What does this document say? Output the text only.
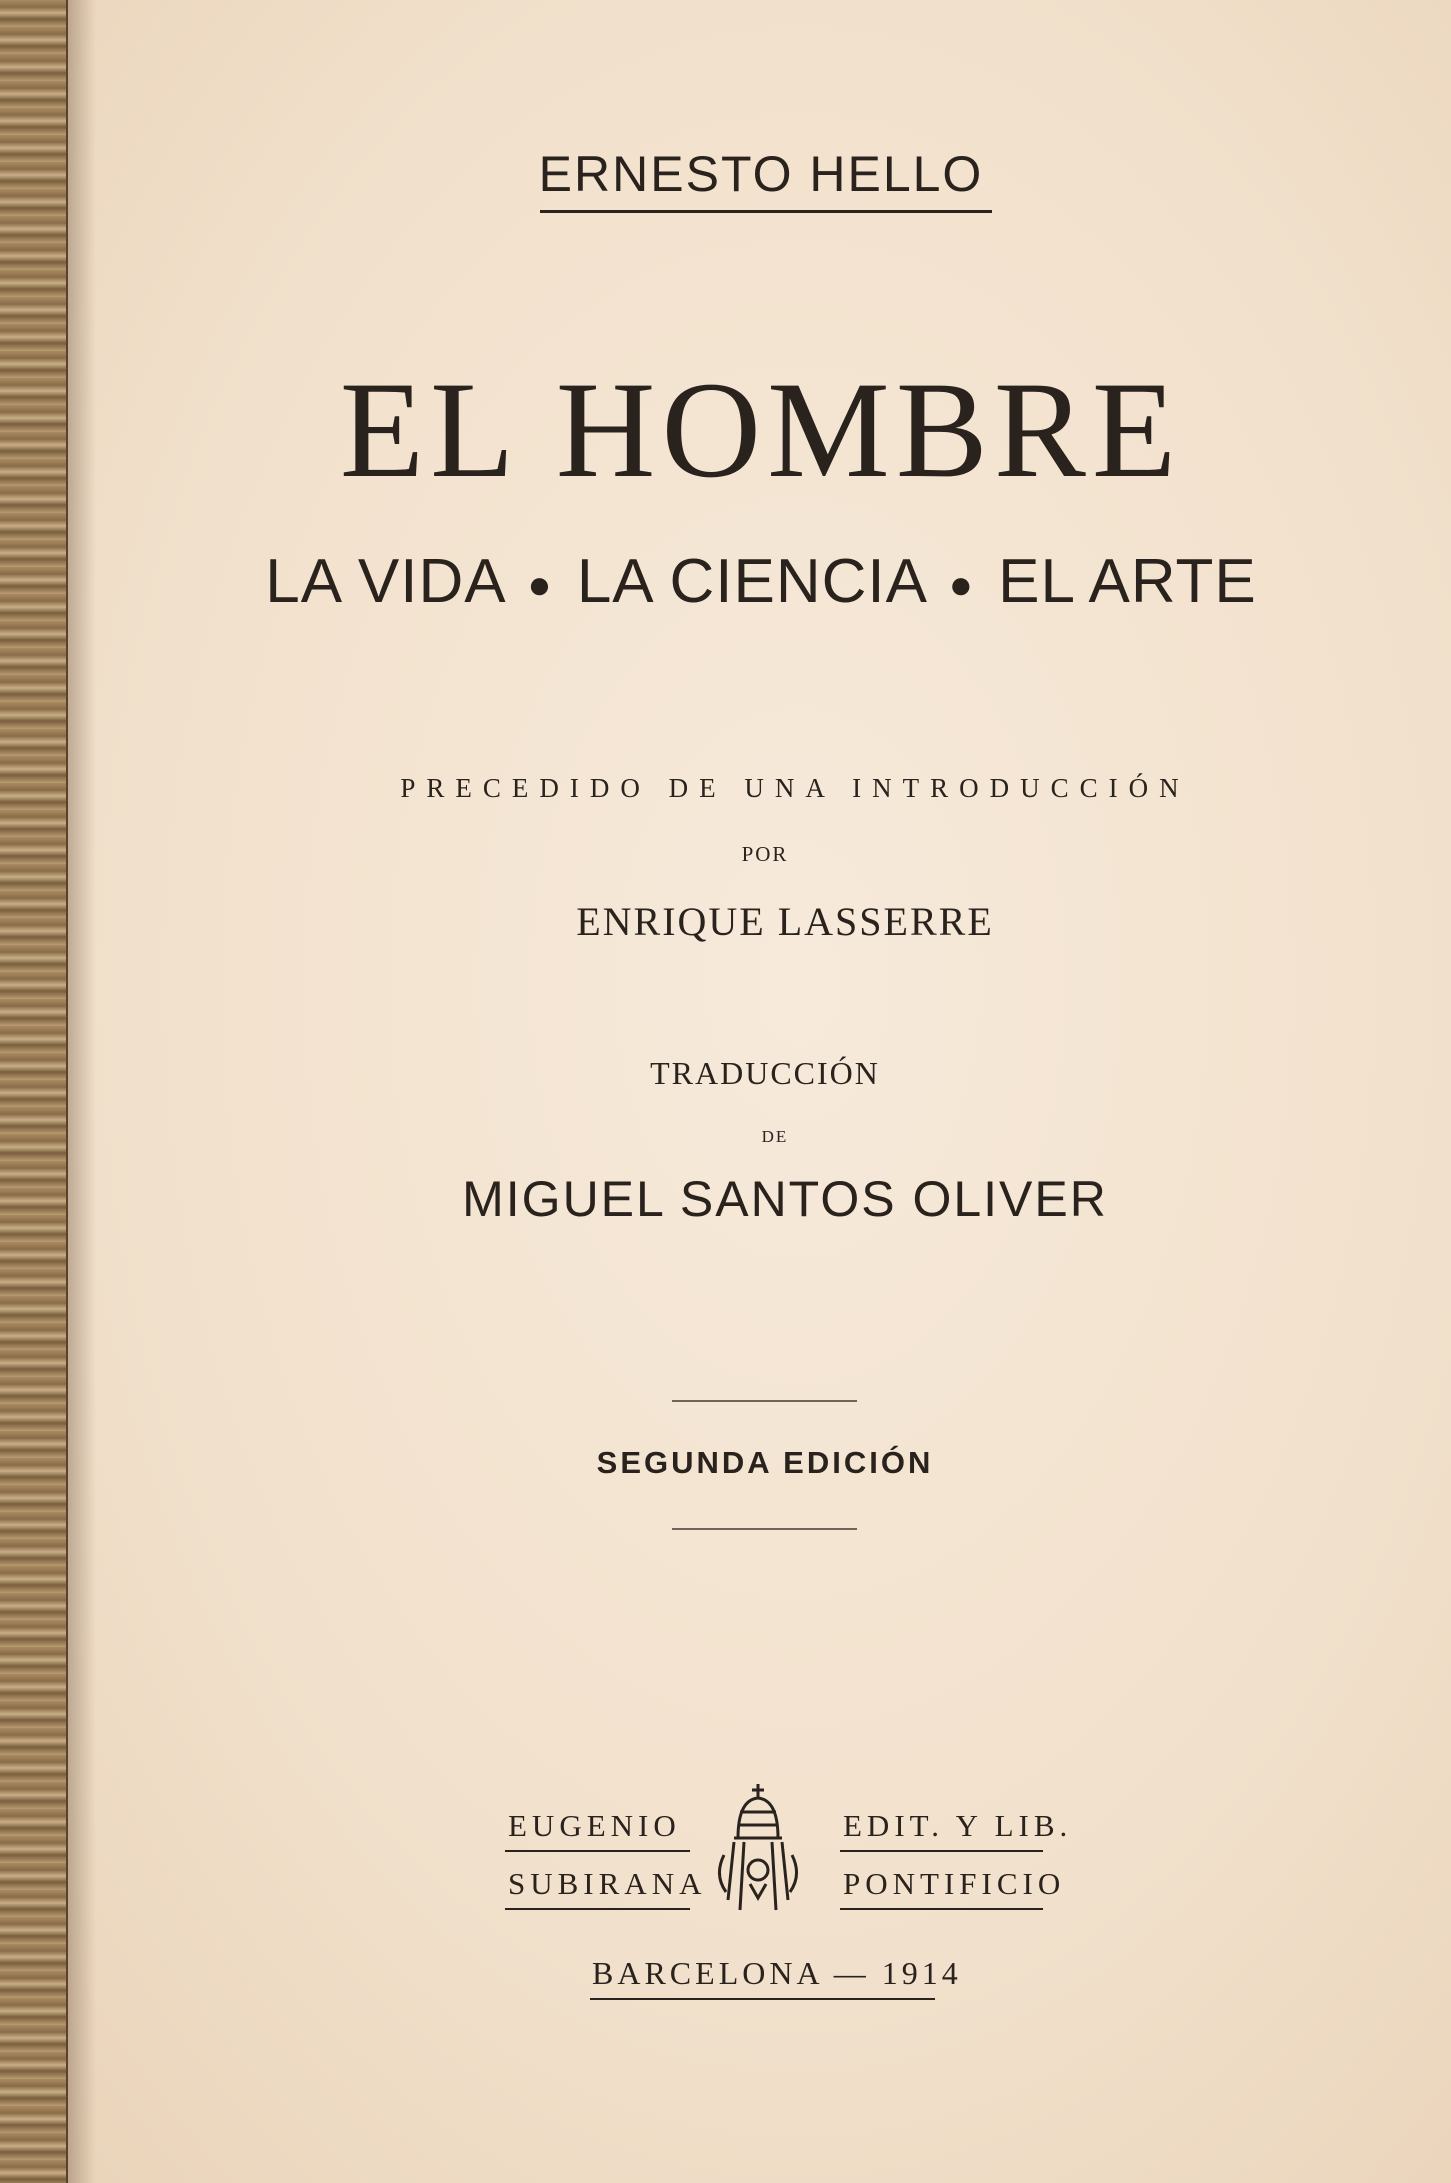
ERNESTO HELLO
EL HOMBRE
LA VIDA ● LA CIENCIA ● EL ARTE
PRECEDIDO DE UNA INTRODUCCIÓN
POR
ENRIQUE LASSERRE
TRADUCCIÓN
DE
MIGUEL SANTOS OLIVER
SEGUNDA EDICIÓN
EUGENIO
SUBIRANA
EDIT. Y LIB.
PONTIFICIO
BARCELONA — 1914
